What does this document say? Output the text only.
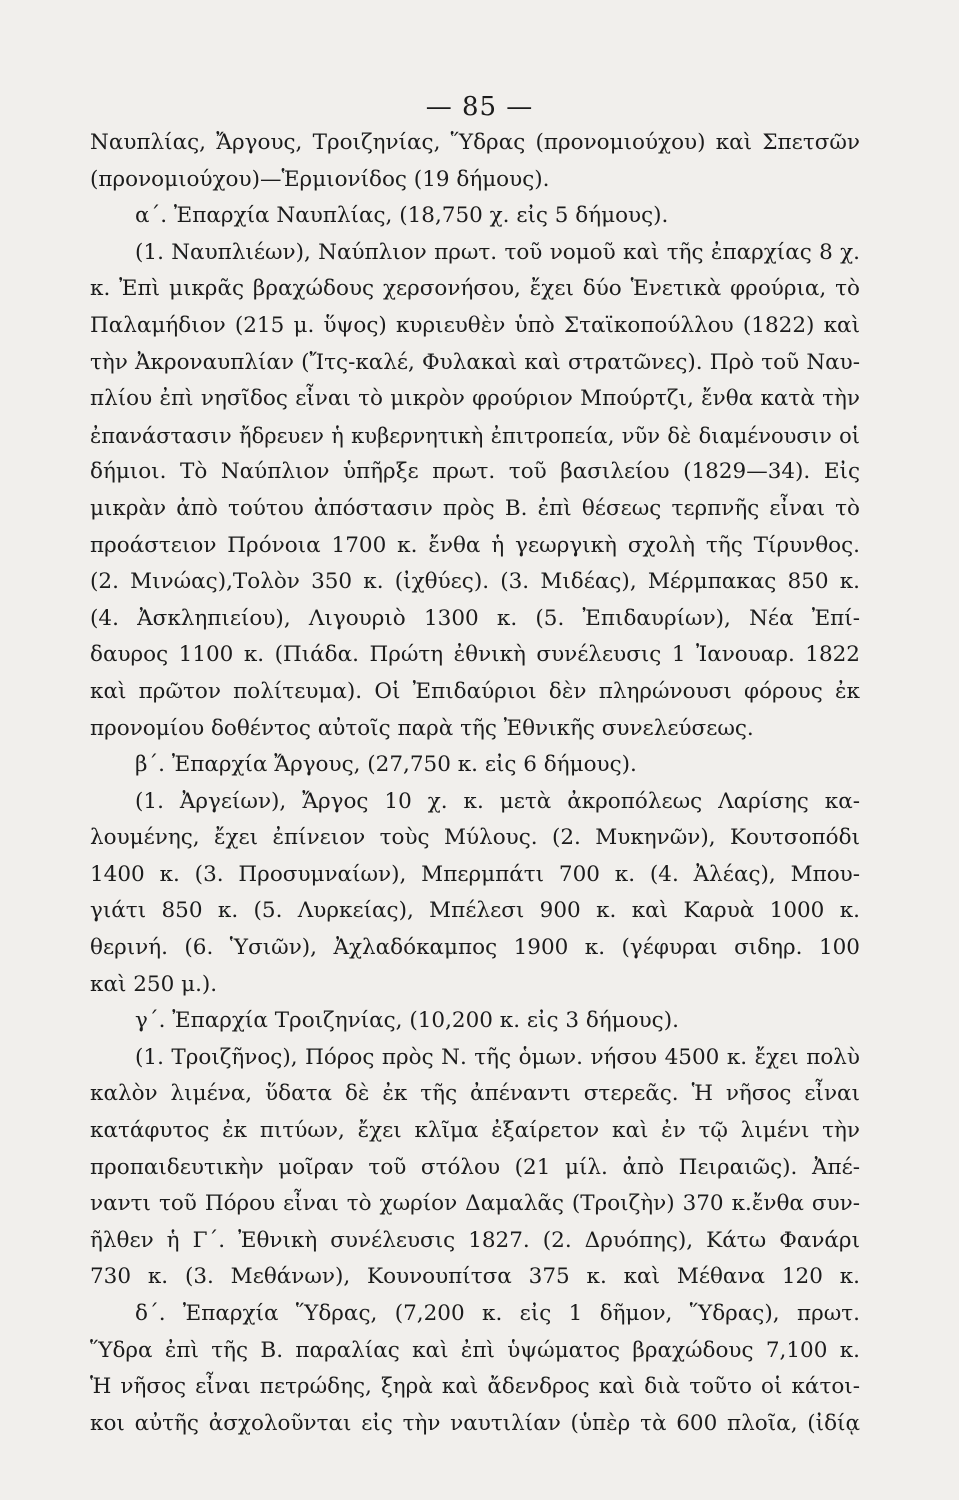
— 85 —
Ναυπλίας, Ἄργους, Τροιζηνίας, Ὕδρας (προνομιούχου) καὶ Σπετσῶν
(προνομιούχου)—Ἑρμιονίδος (19 δήμους).
α΄. Ἐπαρχία Ναυπλίας, (18,750 χ. εἰς 5 δήμους).
(1. Ναυπλιέων), Ναύπλιον πρωτ. τοῦ νομοῦ καὶ τῆς ἐπαρχίας 8 χ.
κ. Ἐπὶ μικρᾶς βραχώδους χερσονήσου, ἔχει δύο Ἑνετικὰ φρούρια, τὸ
Παλαμήδιον (215 μ. ὕψος) κυριευθὲν ὑπὸ Σταϊκοπούλλου (1822) καὶ
τὴν Ἀκροναυπλίαν (Ἴτς-καλέ, Φυλακαὶ καὶ στρατῶνες). Πρὸ τοῦ Ναυ-
πλίου ἐπὶ νησῖδος εἶναι τὸ μικρὸν φρούριον Μπούρτζι, ἔνθα κατὰ τὴν
ἐπανάστασιν ἤδρευεν ἡ κυβερνητικὴ ἐπιτροπεία, νῦν δὲ διαμένουσιν οἱ
δήμιοι. Τὸ Ναύπλιον ὑπῆρξε πρωτ. τοῦ βασιλείου (1829—34). Εἰς
μικρὰν ἀπὸ τούτου ἀπόστασιν πρὸς Β. ἐπὶ θέσεως τερπνῆς εἶναι τὸ
προάστειον Πρόνοια 1700 κ. ἔνθα ἡ γεωργικὴ σχολὴ τῆς Τίρυνθος.
(2. Μινώας),Τολὸν 350 κ. (ἰχθύες). (3. Μιδέας), Μέρμπακας 850 κ.
(4. Ἀσκληπιείου), Λιγουριὸ 1300 κ. (5. Ἐπιδαυρίων), Νέα Ἐπί-
δαυρος 1100 κ. (Πιάδα. Πρώτη ἐθνικὴ συνέλευσις 1 Ἰανουαρ. 1822
καὶ πρῶτον πολίτευμα). Οἱ Ἐπιδαύριοι δὲν πληρώνουσι φόρους ἐκ
προνομίου δοθέντος αὐτοῖς παρὰ τῆς Ἐθνικῆς συνελεύσεως.
β΄. Ἐπαρχία Ἄργους, (27,750 κ. εἰς 6 δήμους).
(1. Ἀργείων), Ἄργος 10 χ. κ. μετὰ ἀκροπόλεως Λαρίσης κα-
λουμένης, ἔχει ἐπίνειον τοὺς Μύλους. (2. Μυκηνῶν), Κουτσοπόδι
1400 κ. (3. Προσυμναίων), Μπερμπάτι 700 κ. (4. Ἀλέας), Μπου-
γιάτι 850 κ. (5. Λυρκείας), Μπέλεσι 900 κ. καὶ Καρυὰ 1000 κ.
θερινή. (6. Ὑσιῶν), Ἀχλαδόκαμπος 1900 κ. (γέφυραι σιδηρ. 100
καὶ 250 μ.).
γ΄. Ἐπαρχία Τροιζηνίας, (10,200 κ. εἰς 3 δήμους).
(1. Τροιζῆνος), Πόρος πρὸς Ν. τῆς ὁμων. νήσου 4500 κ. ἔχει πολὺ
καλὸν λιμένα, ὕδατα δὲ ἐκ τῆς ἀπέναντι στερεᾶς. Ἡ νῆσος εἶναι
κατάφυτος ἐκ πιτύων, ἔχει κλῖμα ἐξαίρετον καὶ ἐν τῷ λιμένι τὴν
προπαιδευτικὴν μοῖραν τοῦ στόλου (21 μίλ. ἀπὸ Πειραιῶς). Ἀπέ-
ναντι τοῦ Πόρου εἶναι τὸ χωρίον Δαμαλᾶς (Τροιζὴν) 370 κ.ἔνθα συν-
ῆλθεν ἡ Γ΄. Ἐθνικὴ συνέλευσις 1827. (2. Δρυόπης), Κάτω Φανάρι
730 κ. (3. Μεθάνων), Κουνουπίτσα 375 κ. καὶ Μέθανα 120 κ.
δ΄. Ἐπαρχία Ὕδρας, (7,200 κ. εἰς 1 δῆμον, Ὕδρας), πρωτ.
Ὕδρα ἐπὶ τῆς Β. παραλίας καὶ ἐπὶ ὑψώματος βραχώδους 7,100 κ.
Ἡ νῆσος εἶναι πετρώδης, ξηρὰ καὶ ἄδενδρος καὶ διὰ τοῦτο οἱ κάτοι-
κοι αὐτῆς ἀσχολοῦνται εἰς τὴν ναυτιλίαν (ὑπὲρ τὰ 600 πλοῖα, (ἰδίᾳ
